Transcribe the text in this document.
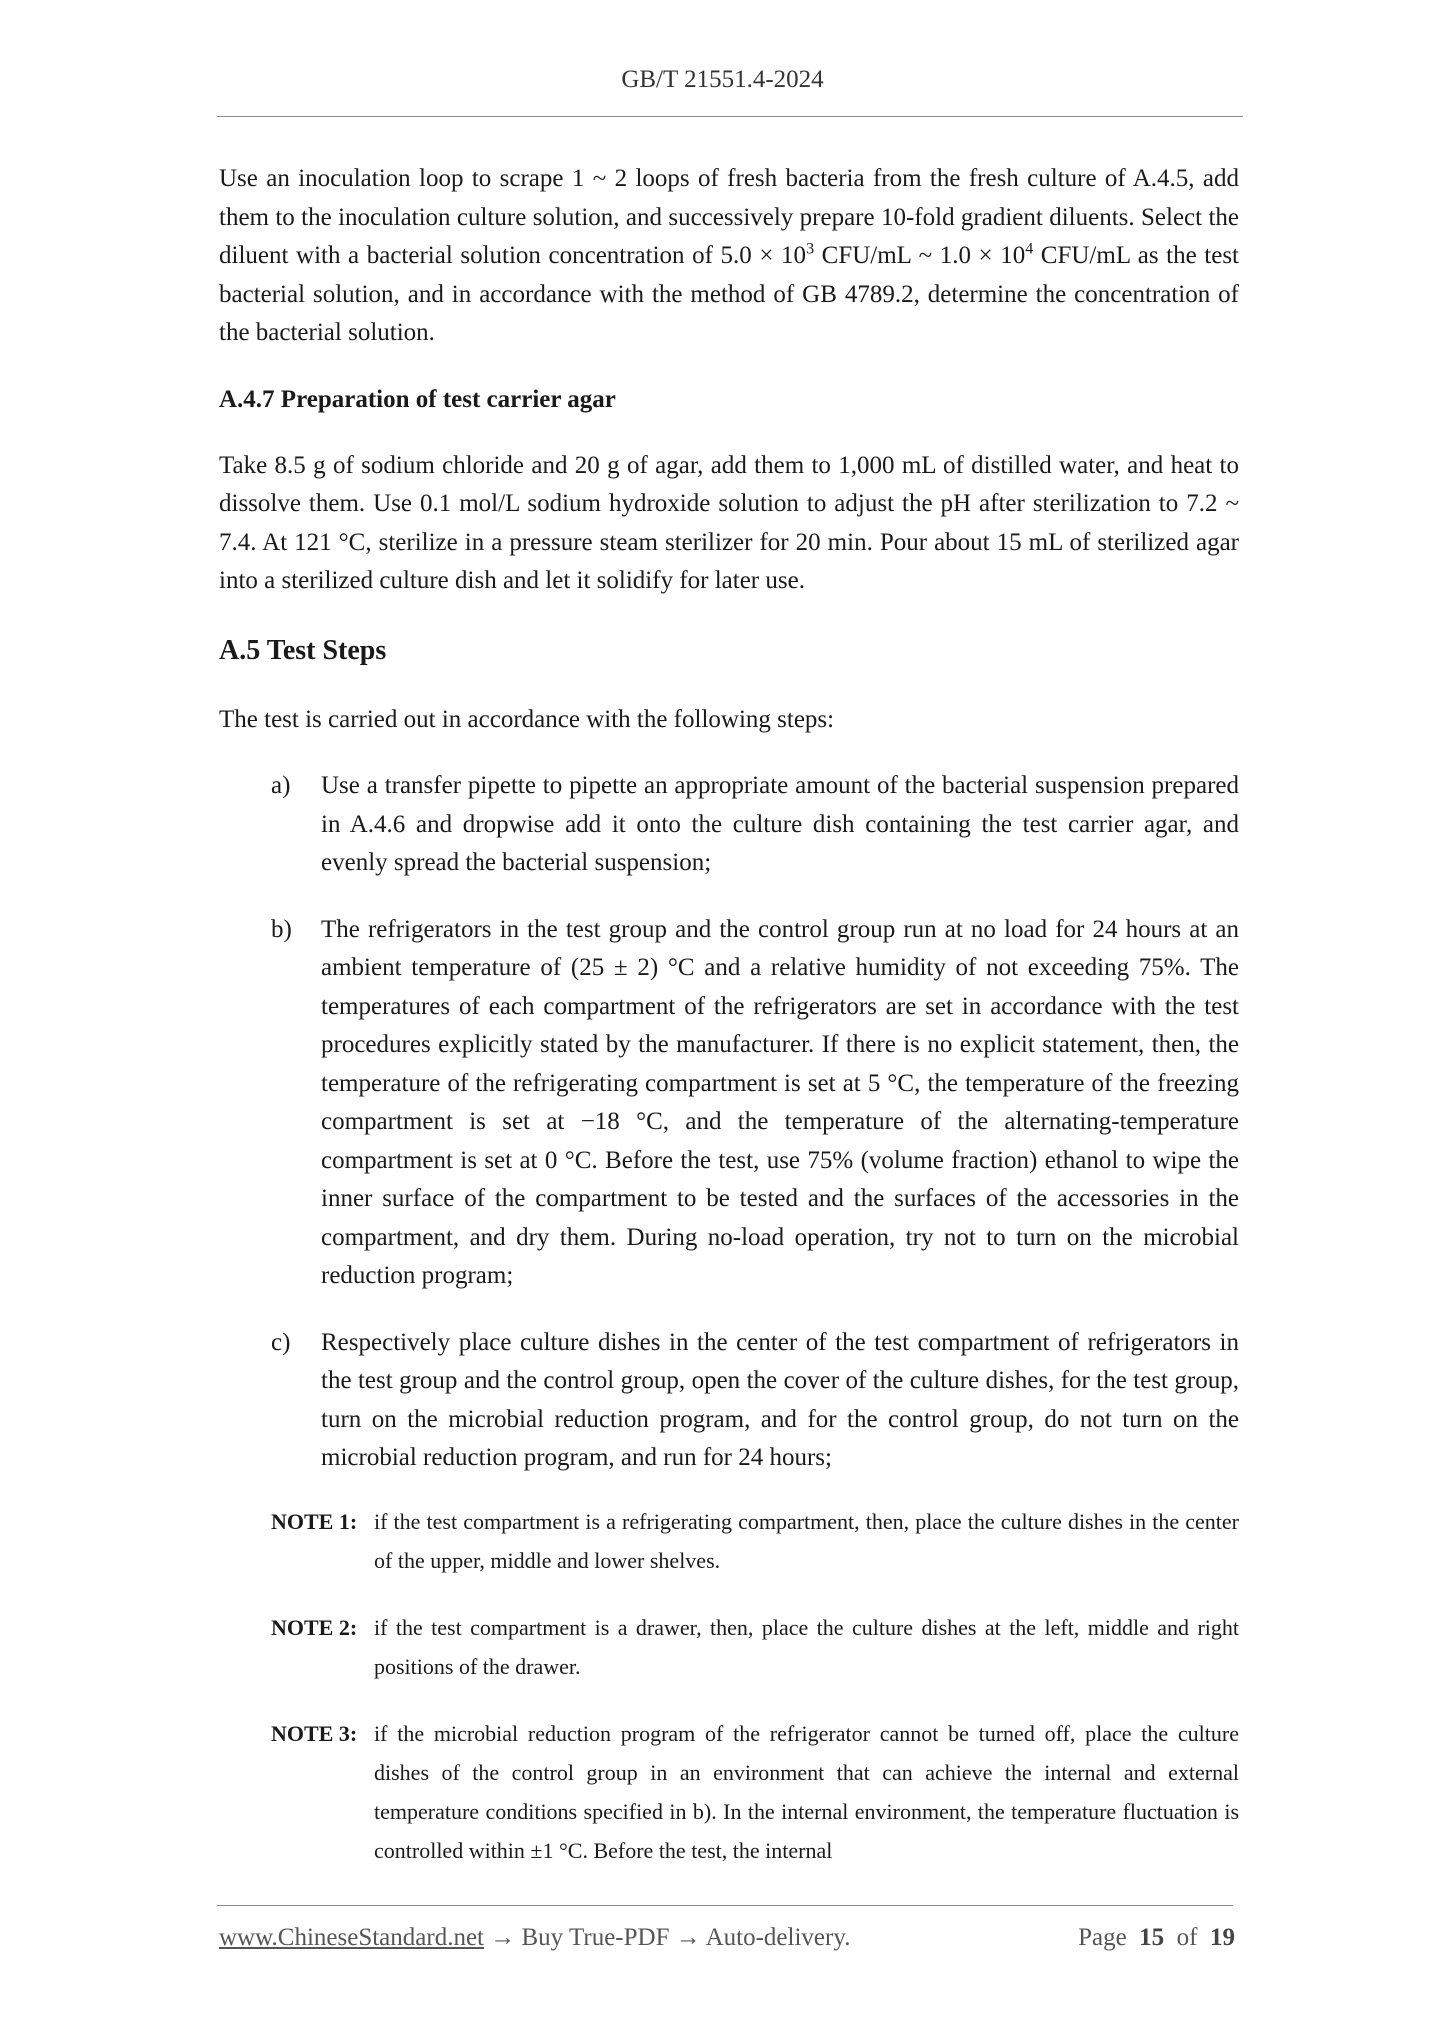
GB/T 21551.4-2024

Use an inoculation loop to scrape 1 ~ 2 loops of fresh bacteria from the fresh culture of A.4.5, add them to the inoculation culture solution, and successively prepare 10-fold gradient diluents. Select the diluent with a bacterial solution concentration of $5.0 \times 10^3$ CFU/mL ~ $1.0 \times 10^4$ CFU/mL as the test bacterial solution, and in accordance with the method of GB 4789.2, determine the concentration of the bacterial solution.

A.4.7 Preparation of test carrier agar

Take 8.5 g of sodium chloride and 20 g of agar, add them to 1,000 mL of distilled water, and heat to dissolve them. Use 0.1 mol/L sodium hydroxide solution to adjust the pH after sterilization to 7.2 ~ 7.4. At 121 °C, sterilize in a pressure steam sterilizer for 20 min. Pour about 15 mL of sterilized agar into a sterilized culture dish and let it solidify for later use.

A.5 Test Steps

The test is carried out in accordance with the following steps:

a)	Use a transfer pipette to pipette an appropriate amount of the bacterial suspension prepared in A.4.6 and dropwise add it onto the culture dish containing the test carrier agar, and evenly spread the bacterial suspension;
b)	The refrigerators in the test group and the control group run at no load for 24 hours at an ambient temperature of (25 ± 2) °C and a relative humidity of not exceeding 75%. The temperatures of each compartment of the refrigerators are set in accordance with the test procedures explicitly stated by the manufacturer. If there is no explicit statement, then, the temperature of the refrigerating compartment is set at 5 °C, the temperature of the freezing compartment is set at −18 °C, and the temperature of the alternating-temperature compartment is set at 0 °C. Before the test, use 75% (volume fraction) ethanol to wipe the inner surface of the compartment to be tested and the surfaces of the accessories in the compartment, and dry them. During no-load operation, try not to turn on the microbial reduction program;
c)	Respectively place culture dishes in the center of the test compartment of refrigerators in the test group and the control group, open the cover of the culture dishes, for the test group, turn on the microbial reduction program, and for the control group, do not turn on the microbial reduction program, and run for 24 hours;
NOTE 1: if the test compartment is a refrigerating compartment, then, place the culture dishes in the center of the upper, middle and lower shelves.
NOTE 2: if the test compartment is a drawer, then, place the culture dishes at the left, middle and right positions of the drawer.
NOTE 3: if the microbial reduction program of the refrigerator cannot be turned off, place the culture dishes of the control group in an environment that can achieve the internal and external temperature conditions specified in b). In the internal environment, the temperature fluctuation is controlled within ±1 °C. Before the test, the internal
www.ChineseStandard.net → Buy True-PDF → Auto-delivery.	Page 15 of 19
